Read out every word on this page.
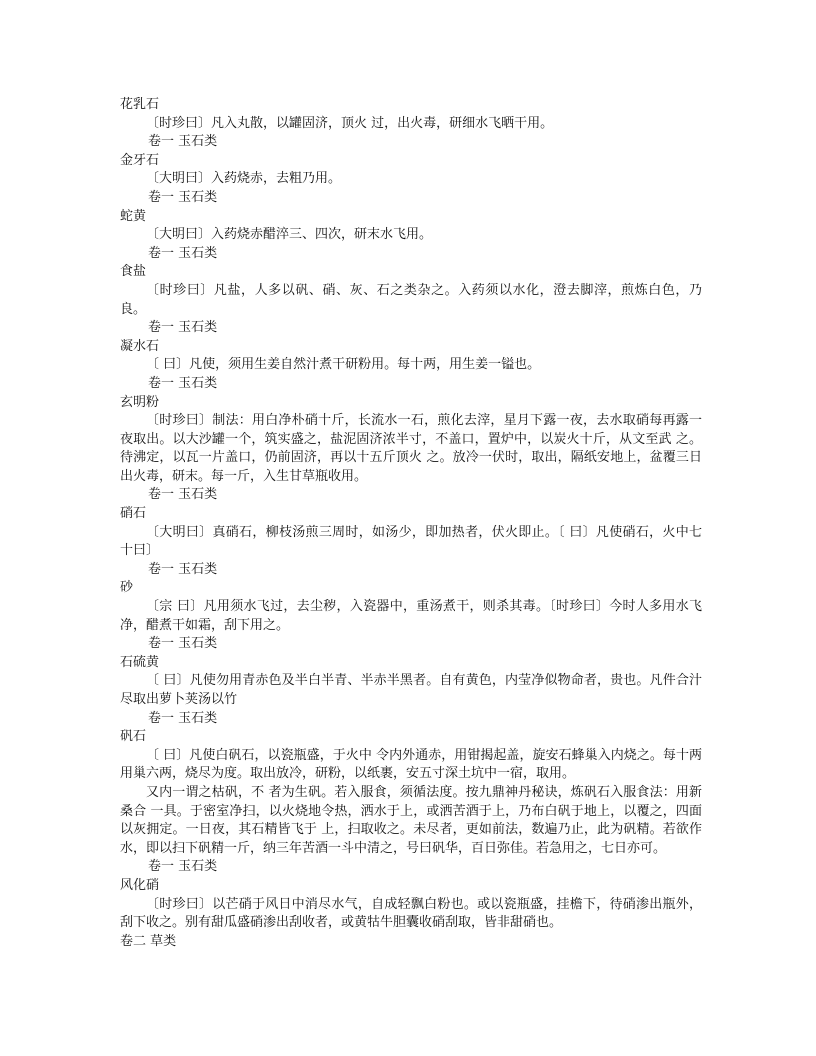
花乳石

〔时珍曰〕凡入丸散，以罐固济，顶火 过，出火毒，研细水飞晒干用。

卷一 玉石类
金牙石

〔大明曰〕入药烧赤，去粗乃用。

卷一 玉石类
蛇黄

〔大明曰〕入药烧赤醋淬三、四次，研末水飞用。

卷一 玉石类
食盐

〔时珍曰〕凡盐，人多以矾、硝、灰、石之类杂之。入药须以水化，澄去脚滓，煎炼白色，乃良。

卷一 玉石类
凝水石

〔 曰〕凡使，须用生姜自然汁煮干研粉用。每十两，用生姜一镒也。

卷一 玉石类
玄明粉

〔时珍曰〕制法：用白净朴硝十斤，长流水一石，煎化去滓，星月下露一夜，去水取硝每再露一夜取出。以大沙罐一个，筑实盛之，盐泥固济浓半寸，不盖口，置炉中，以炭火十斤，从文至武 之。待沸定，以瓦一片盖口，仍前固济，再以十五斤顶火 之。放冷一伏时，取出，隔纸安地上，盆覆三日出火毒，研末。每一斤，入生甘草瓶收用。

卷一 玉石类
硝石

〔大明曰〕真硝石，柳枝汤煎三周时，如汤少，即加热者，伏火即止。〔 曰〕凡使硝石，火中七十曰〕

卷一 玉石类
砂

〔宗 曰〕凡用须水飞过，去尘秽，入瓷器中，重汤煮干，则杀其毒。〔时珍曰〕今时人多用水飞净，醋煮干如霜，刮下用之。

卷一 玉石类
石硫黄

〔 曰〕凡使勿用青赤色及半白半青、半赤半黑者。自有黄色，内莹净似物命者，贵也。凡件合汁尽取出萝卜荚汤以竹

卷一 玉石类
矾石

〔 曰〕凡使白矾石，以瓷瓶盛，于火中 令内外通赤，用钳揭起盖，旋安石蜂巢入内烧之。每十两用巢六两，烧尽为度。取出放冷，研粉，以纸裹，安五寸深土坑中一宿，取用。

又内一谓之枯矾，不 者为生矾。若入服食，须循法度。按九鼎神丹秘诀，炼矾石入服食法：用新桑合 一具。于密室净扫，以火烧地令热，洒水于上，或洒苦酒于上，乃布白矾于地上，以覆之，四面以灰拥定。一日夜，其石精皆飞于 上，扫取收之。未尽者，更如前法，数遍乃止，此为矾精。若欲作水，即以扫下矾精一斤，纳三年苦酒一斗中清之，号曰矾华，百日弥佳。若急用之，七日亦可。

卷一 玉石类
风化硝

〔时珍曰〕以芒硝于风日中消尽水气，自成轻飘白粉也。或以瓷瓶盛，挂檐下，待硝渗出瓶外，刮下收之。别有甜瓜盛硝渗出刮收者，或黄牯牛胆囊收硝刮取，皆非甜硝也。

卷二 草类
